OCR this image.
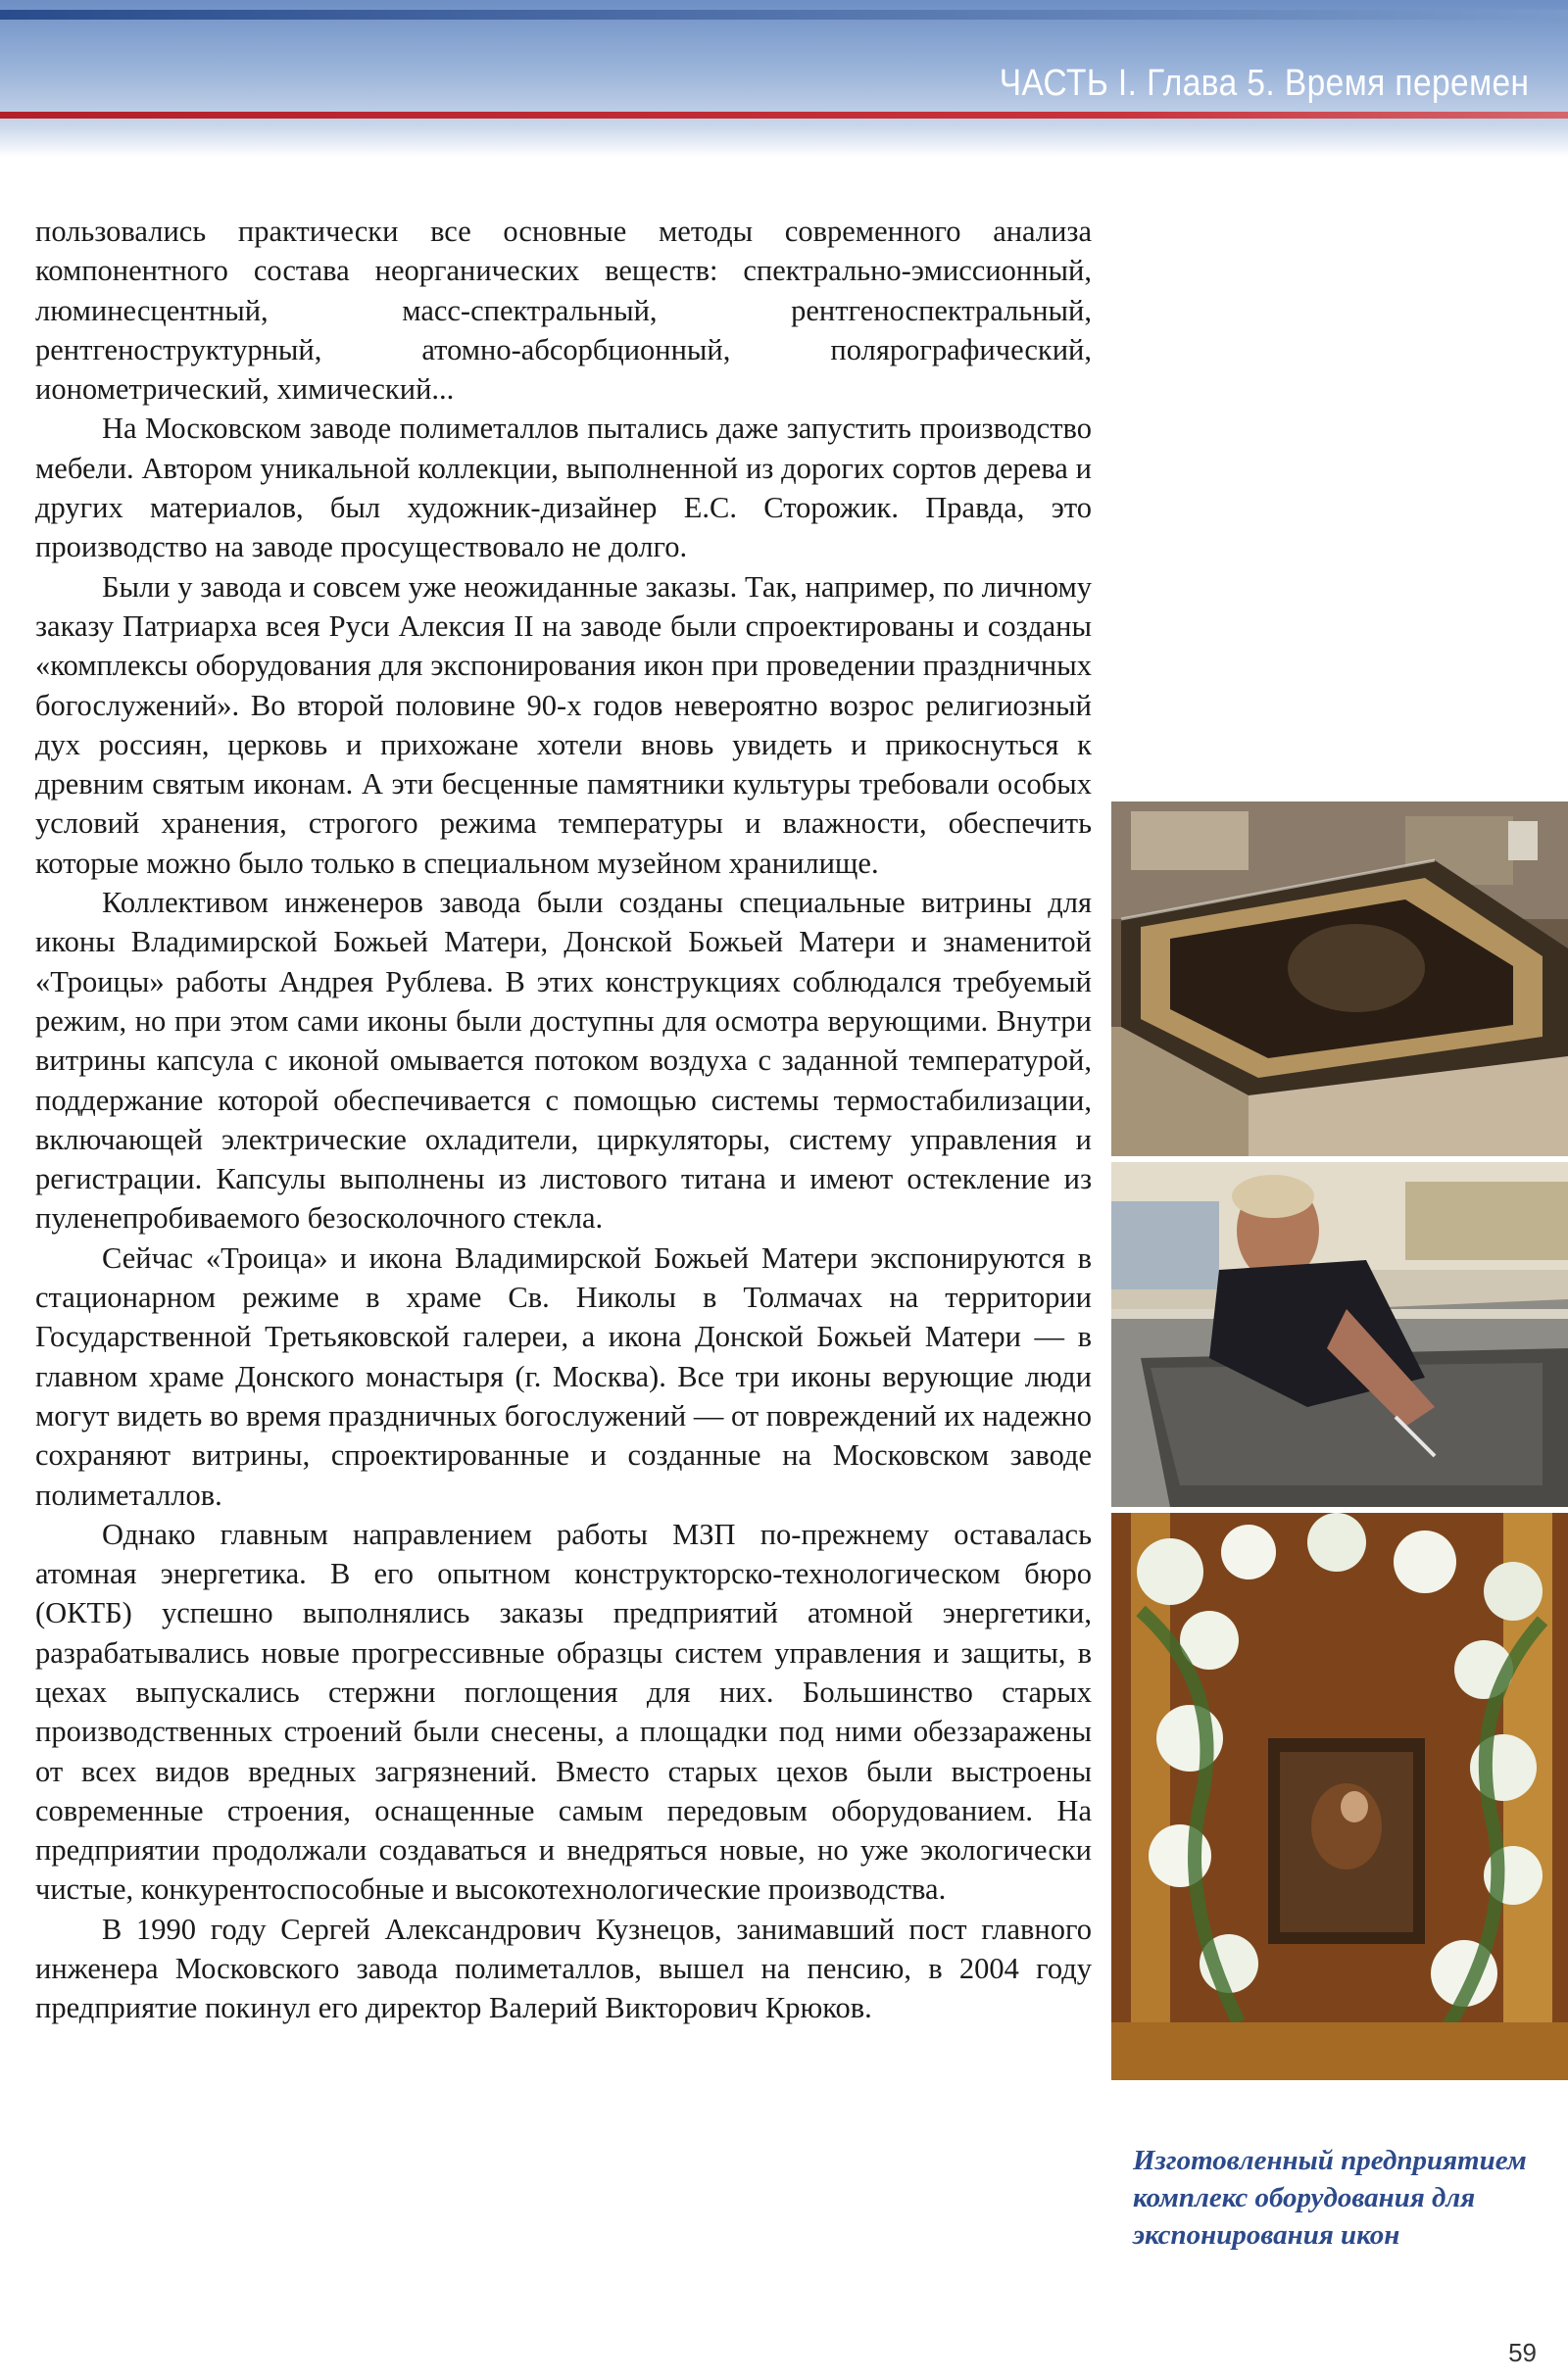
ЧАСТЬ I. Глава 5. Время перемен

пользовались практически все основные методы современного анализа компонентного состава неорганических веществ: спектрально-эмиссионный, люминесцентный, масс-спектральный, рентгеноспектральный, рентгеноструктурный, атомно-абсорбционный, полярографический, ионометрический, химический...

На Московском заводе полиметаллов пытались даже запустить производство мебели. Автором уникальной коллекции, выполненной из дорогих сортов дерева и других материалов, был художник-дизайнер Е.С. Сторожик. Правда, это производство на заводе просуществовало не долго.

Были у завода и совсем уже неожиданные заказы. Так, например, по личному заказу Патриарха всея Руси Алексия II на заводе были спроектированы и созданы «комплексы оборудования для экспонирования икон при проведении праздничных богослужений». Во второй половине 90-х годов невероятно возрос религиозный дух россиян, церковь и прихожане хотели вновь увидеть и прикоснуться к древним святым иконам. А эти бесценные памятники культуры требовали особых условий хранения, строгого режима температуры и влажности, обеспечить которые можно было только в специальном музейном хранилище.

Коллективом инженеров завода были созданы специальные витрины для иконы Владимирской Божьей Матери, Донской Божьей Матери и знаменитой «Троицы» работы Андрея Рублева. В этих конструкциях соблюдался требуемый режим, но при этом сами иконы были доступны для осмотра верующими. Внутри витрины капсула с иконой омывается потоком воздуха с заданной температурой, поддержание которой обеспечивается с помощью системы термостабилизации, включающей электрические охладители, циркуляторы, систему управления и регистрации. Капсулы выполнены из листового титана и имеют остекление из пуленепробиваемого безосколочного стекла.

Сейчас «Троица» и икона Владимирской Божьей Матери экспонируются в стационарном режиме в храме Св. Николы в Толмачах на территории Государственной Третьяковской галереи, а икона Донской Божьей Матери — в главном храме Донского монастыря (г. Москва). Все три иконы верующие люди могут видеть во время праздничных богослужений — от повреждений их надежно сохраняют витрины, спроектированные и созданные на Московском заводе полиметаллов.

Однако главным направлением работы МЗП по-прежнему оставалась атомная энергетика. В его опытном конструкторско-технологическом бюро (ОКТБ) успешно выполнялись заказы предприятий атомной энергетики, разрабатывались новые прогрессивные образцы систем управления и защиты, в цехах выпускались стержни поглощения для них. Большинство старых производственных строений были снесены, а площадки под ними обеззаражены от всех видов вредных загрязнений. Вместо старых цехов были выстроены современные строения, оснащенные самым передовым оборудованием. На предприятии продолжали создаваться и внедряться новые, но уже экологически чистые, конкурентоспособные и высокотехнологические производства.

В 1990 году Сергей Александрович Кузнецов, занимавший пост главного инженера Московского завода полиметаллов, вышел на пенсию, в 2004 году предприятие покинул его директор Валерий Викторович Крюков.

Изготовленный предприятием комплекс оборудования для экспонирования икон
59
